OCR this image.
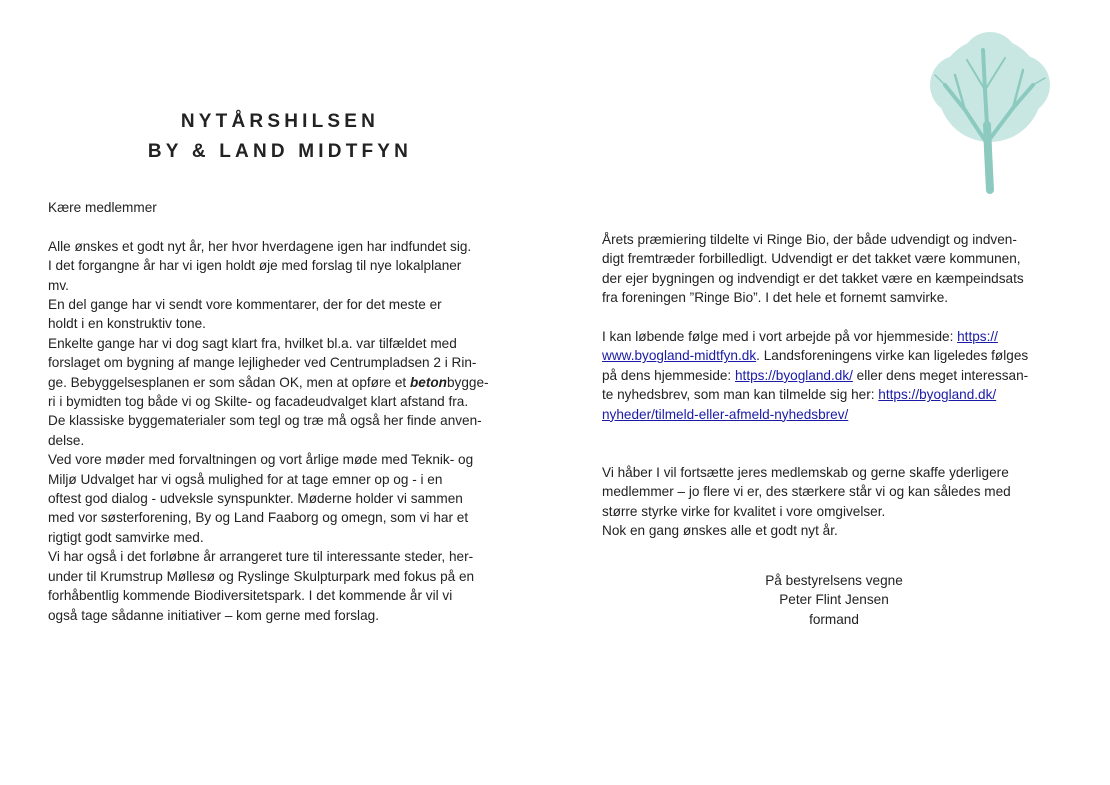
NYTÅRSHILSEN
BY & LAND MIDTFYN

Kære medlemmer

Alle ønskes et godt nyt år, her hvor hverdagene igen har indfundet sig.

I det forgangne år har vi igen holdt øje med forslag til nye lokalplaner

mv.

En del gange har vi sendt vore kommentarer, der for det meste er

holdt i en konstruktiv tone.

Enkelte gange har vi dog sagt klart fra, hvilket bl.a. var tilfældet med

forslaget om bygning af mange lejligheder ved Centrumpladsen 2 i Rin-

ge. Bebyggelsesplanen er som sådan OK, men at opføre et betonbygge-

ri i bymidten tog både vi og Skilte- og facadeudvalget klart afstand fra.

De klassiske byggematerialer som tegl og træ må også her finde anven-

delse.

Ved vore møder med forvaltningen og vort årlige møde med Teknik- og

Miljø Udvalget har vi også mulighed for at tage emner op og - i en

oftest god dialog - udveksle synspunkter. Møderne holder vi sammen

med vor søsterforening, By og Land Faaborg og omegn, som vi har et

rigtigt godt samvirke med.

Vi har også i det forløbne år arrangeret ture til interessante steder, her-

under til Krumstrup Møllesø og Ryslinge Skulpturpark med fokus på en

forhåbentlig kommende Biodiversitetspark. I det kommende år vil vi

også tage sådanne initiativer – kom gerne med forslag.

Årets præmiering tildelte vi Ringe Bio, der både udvendigt og indven-

digt fremtræder forbilledligt. Udvendigt er det takket være kommunen,

der ejer bygningen og indvendigt er det takket være en kæmpeindsats

fra foreningen ”Ringe Bio”. I det hele et fornemt samvirke.

I kan løbende følge med i vort arbejde på vor hjemmeside: https://

www.byogland-midtfyn.dk. Landsforeningens virke kan ligeledes følges

på dens hjemmeside: https://byogland.dk/ eller dens meget interessan-

te nyhedsbrev, som man kan tilmelde sig her: https://byogland.dk/

nyheder/tilmeld-eller-afmeld-nyhedsbrev/

Vi håber I vil fortsætte jeres medlemskab og gerne skaffe yderligere

medlemmer – jo flere vi er, des stærkere står vi og kan således med

større styrke virke for kvalitet i vore omgivelser.

Nok en gang ønskes alle et godt nyt år.

På bestyrelsens vegne
Peter Flint Jensen
formand
